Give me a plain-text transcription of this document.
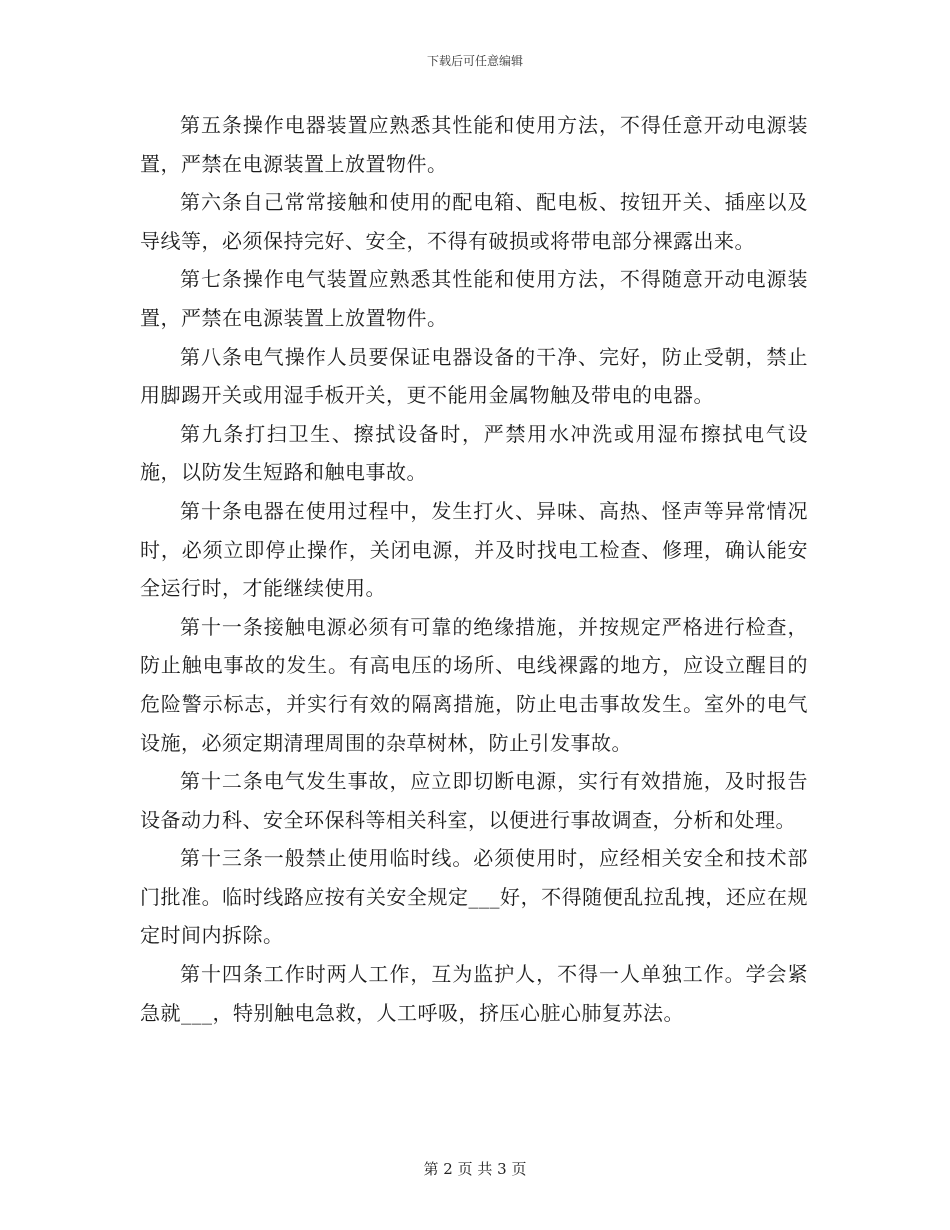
下载后可任意编辑

第五条操作电器装置应熟悉其性能和使用方法，不得任意开动电源装置，严禁在电源装置上放置物件。

第六条自己常常接触和使用的配电箱、配电板、按钮开关、插座以及导线等，必须保持完好、安全，不得有破损或将带电部分裸露出来。

第七条操作电气装置应熟悉其性能和使用方法，不得随意开动电源装置，严禁在电源装置上放置物件。

第八条电气操作人员要保证电器设备的干净、完好，防止受朝，禁止用脚踢开关或用湿手板开关，更不能用金属物触及带电的电器。

第九条打扫卫生、擦拭设备时，严禁用水冲洗或用湿布擦拭电气设施，以防发生短路和触电事故。

第十条电器在使用过程中，发生打火、异味、高热、怪声等异常情况时，必须立即停止操作，关闭电源，并及时找电工检查、修理，确认能安全运行时，才能继续使用。

第十一条接触电源必须有可靠的绝缘措施，并按规定严格进行检查，防止触电事故的发生。有高电压的场所、电线裸露的地方，应设立醒目的危险警示标志，并实行有效的隔离措施，防止电击事故发生。室外的电气设施，必须定期清理周围的杂草树林，防止引发事故。

第十二条电气发生事故，应立即切断电源，实行有效措施，及时报告设备动力科、安全环保科等相关科室，以便进行事故调查，分析和处理。

第十三条一般禁止使用临时线。必须使用时，应经相关安全和技术部门批准。临时线路应按有关安全规定___好，不得随便乱拉乱拽，还应在规定时间内拆除。

第十四条工作时两人工作，互为监护人，不得一人单独工作。学会紧急就___，特别触电急救，人工呼吸，挤压心脏心肺复苏法。

第 2 页 共 3 页
